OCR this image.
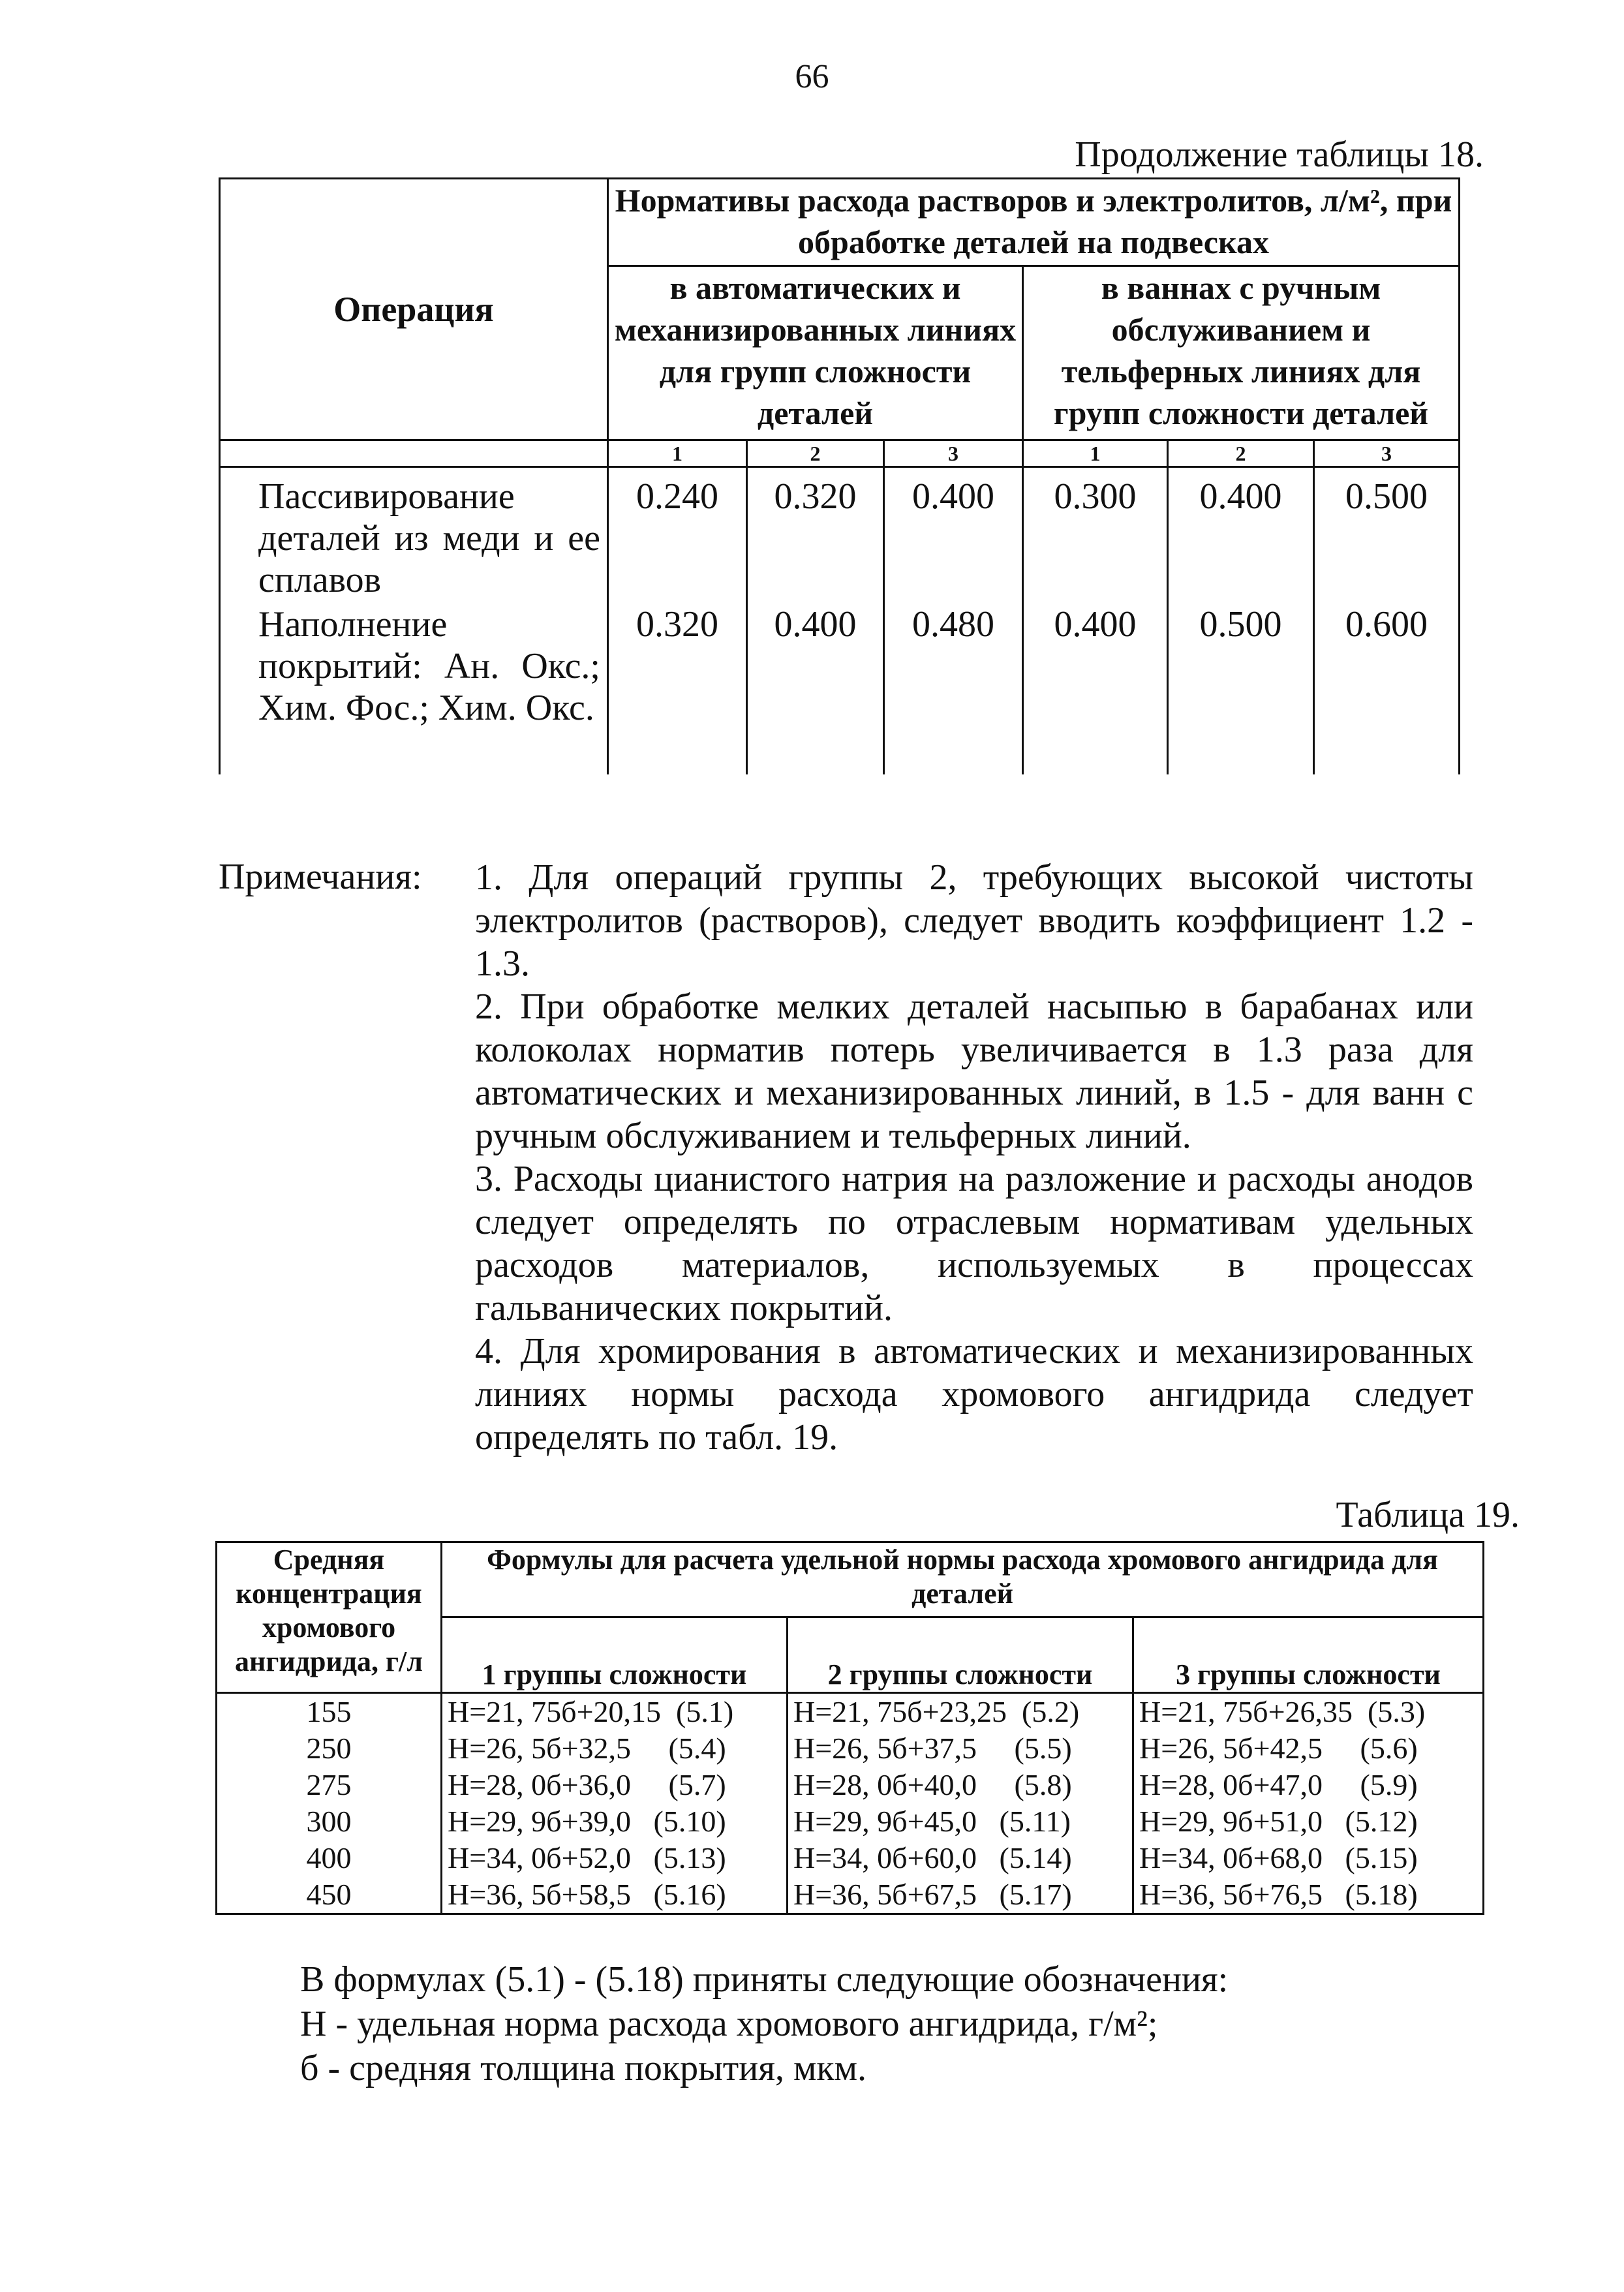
66
Продолжение таблицы 18.
Операция	Нормативы расхода растворов и электролитов, л/м², при обработке деталей на подвесках					
	в автоматических и механизированных линиях для групп сложности деталей			в ваннах с ручным обслуживанием и тельферных линиях для групп сложности деталей		
	1	2	3	1	2	3
Пассивирование деталей из меди и ее сплавов	0.240	0.320	0.400	0.300	0.400	0.500
Наполнение покрытий: Ан. Окс.; Хим. Фос.; Хим. Окс.	0.320	0.400	0.480	0.400	0.500	0.600
Примечания: 1. Для операций группы 2, требующих высокой чистоты электролитов (растворов), следует вводить коэффициент 1.2 - 1.3.

2. При обработке мелких деталей насыпью в барабанах или колоколах норматив потерь увеличивается в 1.3 раза для автоматических и механизированных линий, в 1.5 - для ванн с ручным обслуживанием и тельферных линий.

3. Расходы цианистого натрия на разложение и расходы анодов следует определять по отраслевым нормативам удельных расходов материалов, используемых в процессах гальванических покрытий.

4. Для хромирования в автоматических и механизированных линиях нормы расхода хромового ангидрида следует определять по табл. 19.

Таблица 19.
Средняя концентрация хромового ангидрида, г/л	Формулы для расчета удельной нормы расхода хромового ангидрида для деталей		
	1 группы сложности	2 группы сложности	3 группы сложности
155	Н=21, 75б+20,15  (5.1)	Н=21, 75б+23,25  (5.2)	Н=21, 75б+26,35  (5.3)
250	Н=26, 5б+32,5     (5.4)	Н=26, 5б+37,5     (5.5)	Н=26, 5б+42,5     (5.6)
275	Н=28, 0б+36,0     (5.7)	Н=28, 0б+40,0     (5.8)	Н=28, 0б+47,0     (5.9)
300	Н=29, 9б+39,0   (5.10)	Н=29, 9б+45,0   (5.11)	Н=29, 9б+51,0   (5.12)
400	Н=34, 0б+52,0   (5.13)	Н=34, 0б+60,0   (5.14)	Н=34, 0б+68,0   (5.15)
450	Н=36, 5б+58,5   (5.16)	Н=36, 5б+67,5   (5.17)	Н=36, 5б+76,5   (5.18)
В формулах (5.1) - (5.18) приняты следующие обозначения:
Н - удельная норма расхода хромового ангидрида, г/м²;
б - средняя толщина покрытия, мкм.
